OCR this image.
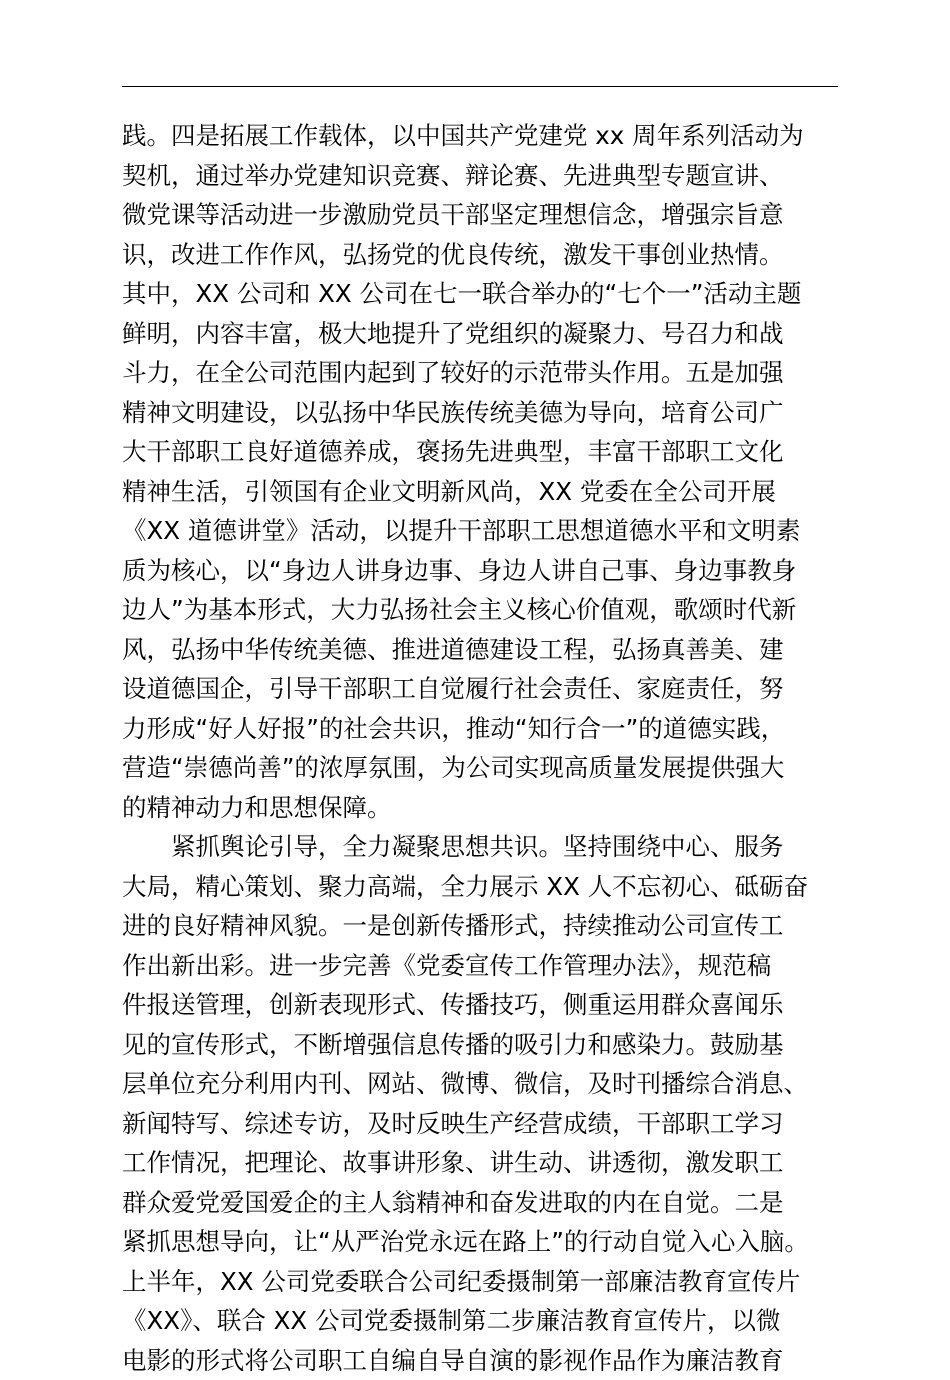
践。四是拓展工作载体，以中国共产党建党 xx 周年系列活动为
契机，通过举办党建知识竞赛、辩论赛、先进典型专题宣讲、
微党课等活动进一步激励党员干部坚定理想信念，增强宗旨意
识，改进工作作风，弘扬党的优良传统，激发干事创业热情。
其中，XX 公司和 XX 公司在七一联合举办的“七个一”活动主题
鲜明，内容丰富，极大地提升了党组织的凝聚力、号召力和战
斗力，在全公司范围内起到了较好的示范带头作用。五是加强
精神文明建设，以弘扬中华民族传统美德为导向，培育公司广
大干部职工良好道德养成，褒扬先进典型，丰富干部职工文化
精神生活，引领国有企业文明新风尚，XX 党委在全公司开展
《XX 道德讲堂》活动，以提升干部职工思想道德水平和文明素
质为核心，以“身边人讲身边事、身边人讲自己事、身边事教身
边人”为基本形式，大力弘扬社会主义核心价值观，歌颂时代新
风，弘扬中华传统美德、推进道德建设工程，弘扬真善美、建
设道德国企，引导干部职工自觉履行社会责任、家庭责任，努
力形成“好人好报”的社会共识，推动“知行合一”的道德实践，
营造“崇德尚善”的浓厚氛围，为公司实现高质量发展提供强大
的精神动力和思想保障。
紧抓舆论引导，全力凝聚思想共识。坚持围绕中心、服务
大局，精心策划、聚力高端，全力展示 XX 人不忘初心、砥砺奋
进的良好精神风貌。一是创新传播形式，持续推动公司宣传工
作出新出彩。进一步完善《党委宣传工作管理办法》，规范稿
件报送管理，创新表现形式、传播技巧，侧重运用群众喜闻乐
见的宣传形式，不断增强信息传播的吸引力和感染力。鼓励基
层单位充分利用内刊、网站、微博、微信，及时刊播综合消息、
新闻特写、综述专访，及时反映生产经营成绩，干部职工学习
工作情况，把理论、故事讲形象、讲生动、讲透彻，激发职工
群众爱党爱国爱企的主人翁精神和奋发进取的内在自觉。二是
紧抓思想导向，让“从严治党永远在路上”的行动自觉入心入脑。
上半年，XX 公司党委联合公司纪委摄制第一部廉洁教育宣传片
《XX》、联合 XX 公司党委摄制第二步廉洁教育宣传片，以微
电影的形式将公司职工自编自导自演的影视作品作为廉洁教育
